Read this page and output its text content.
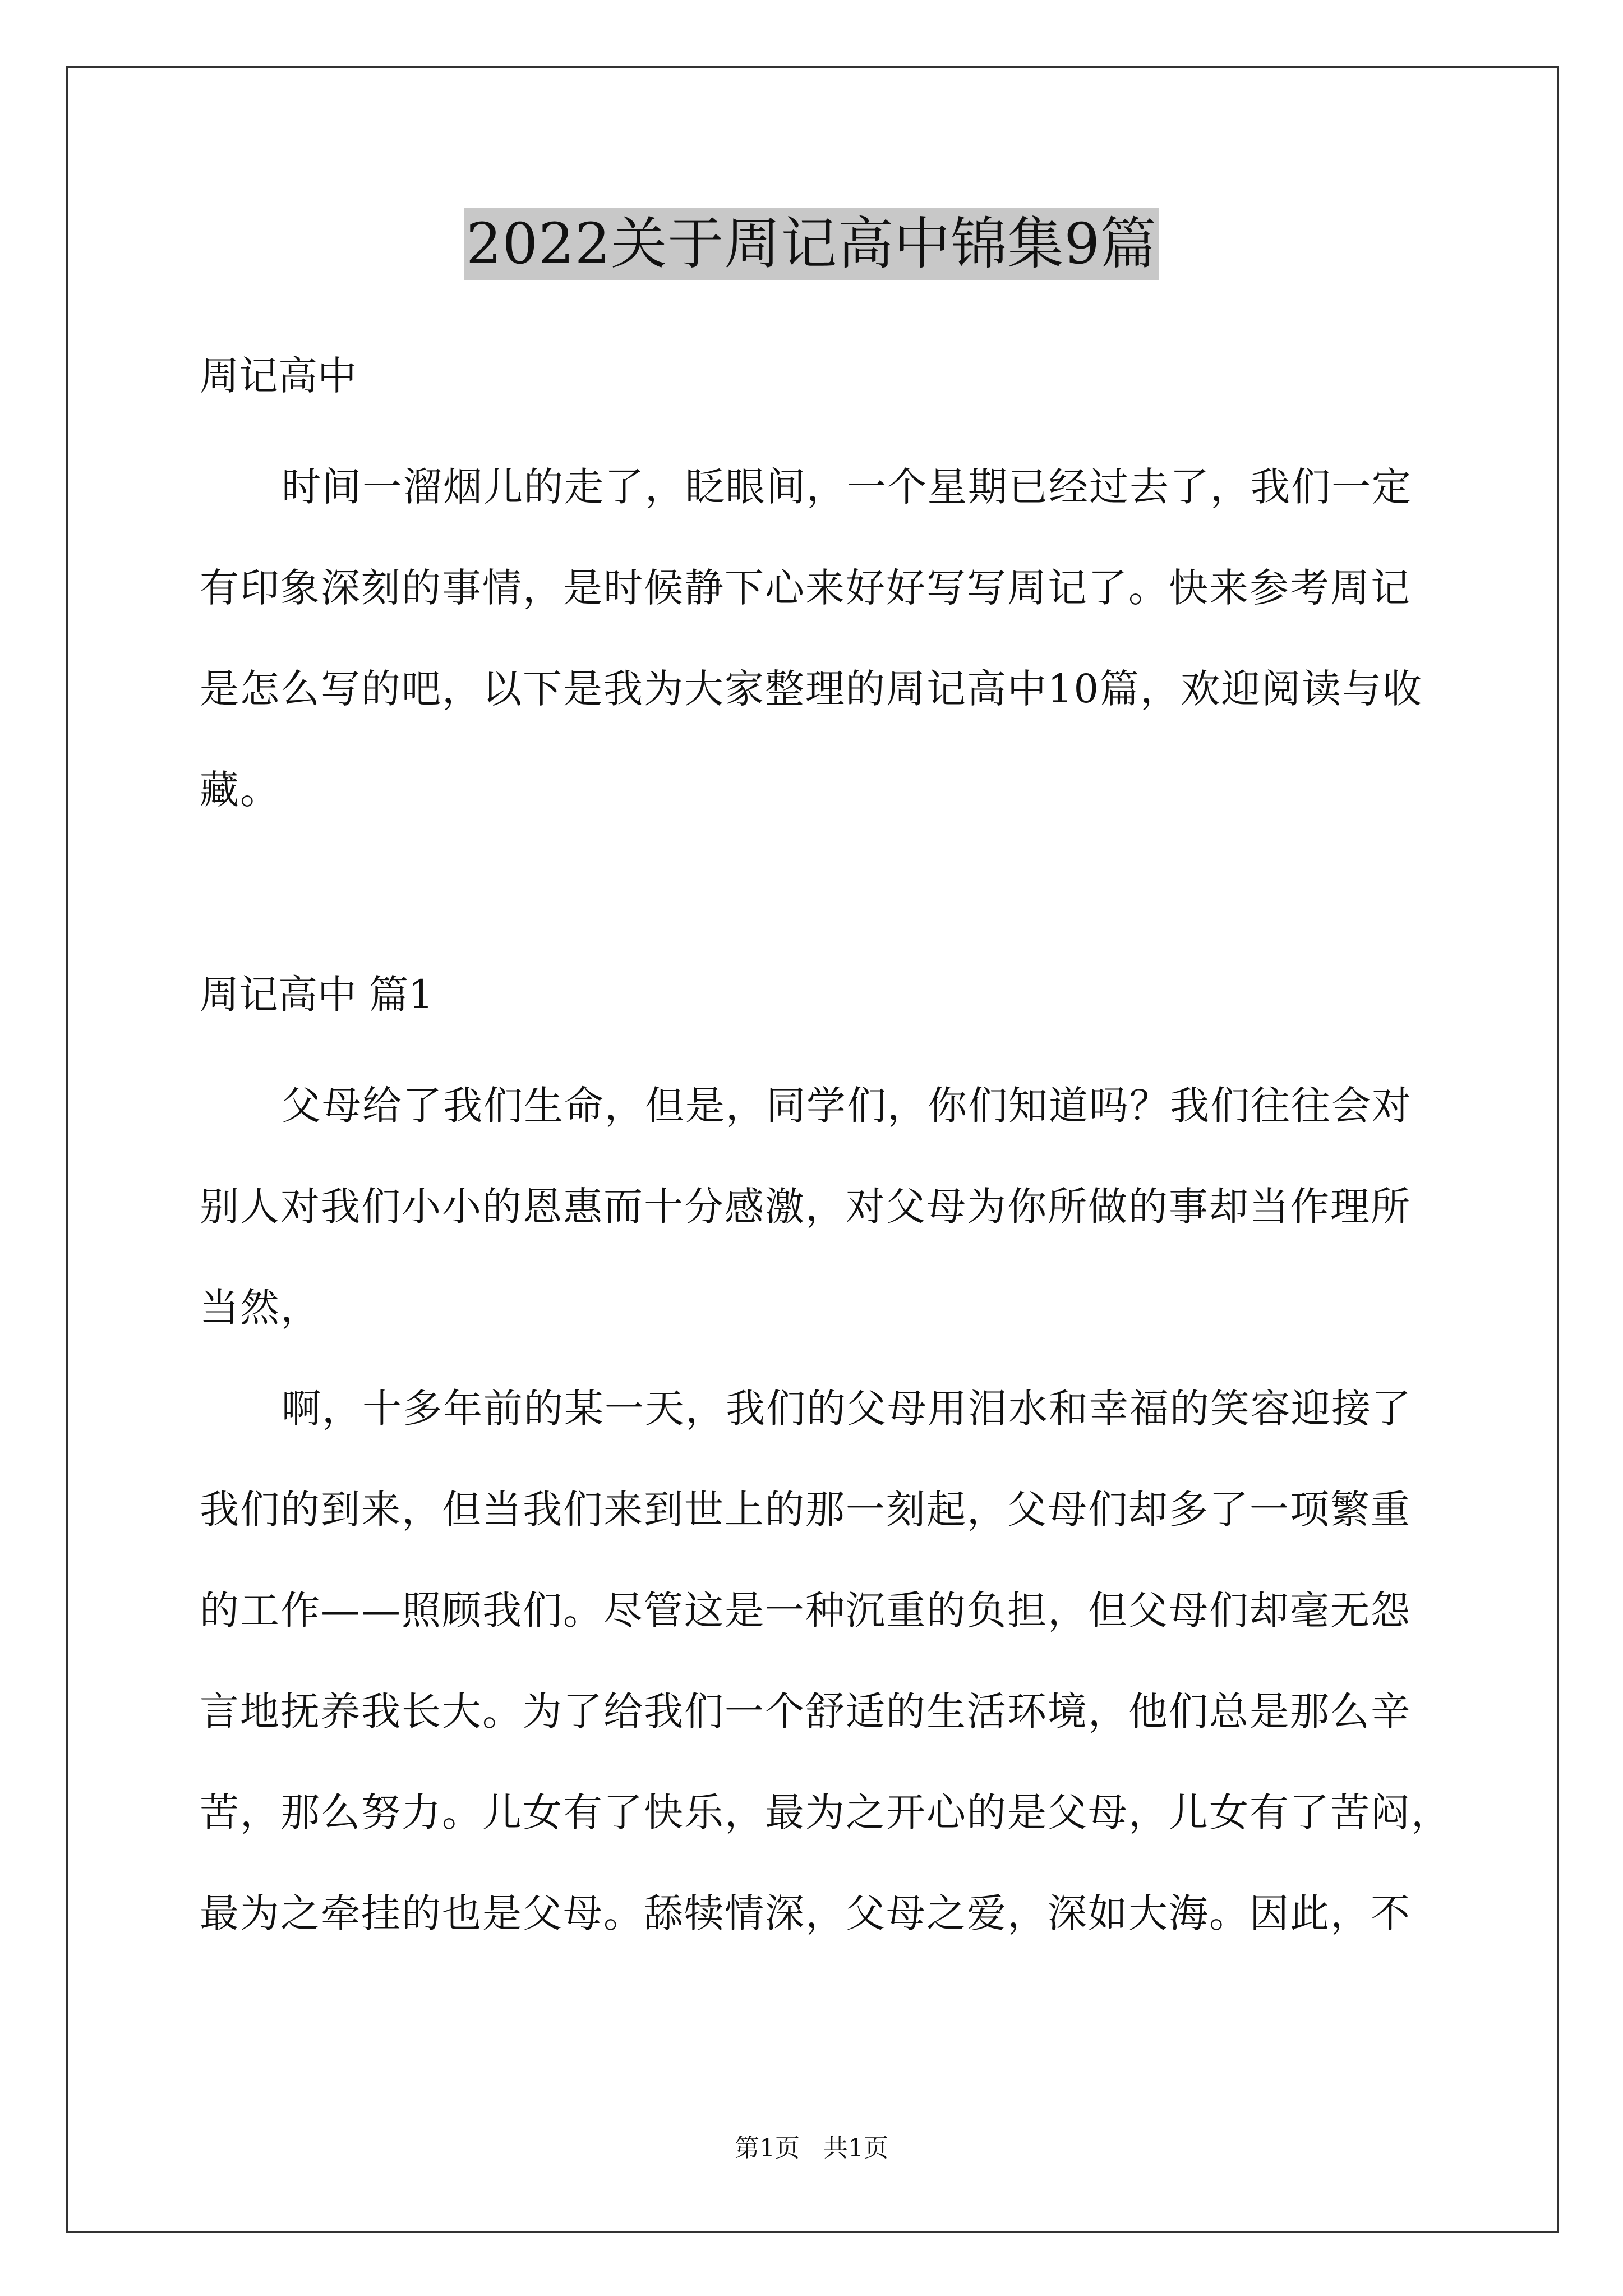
2022关于周记高中锦集9篇
周记高中
时间一溜烟儿的走了，眨眼间，一个星期已经过去了，我们一定
有印象深刻的事情，是时候静下心来好好写写周记了。快来参考周记
是怎么写的吧，以下是我为大家整理的周记高中10篇，欢迎阅读与收
藏。
周记高中 篇1
父母给了我们生命，但是，同学们，你们知道吗？我们往往会对
别人对我们小小的恩惠而十分感激，对父母为你所做的事却当作理所
当然，
啊，十多年前的某一天，我们的父母用泪水和幸福的笑容迎接了
我们的到来，但当我们来到世上的那一刻起，父母们却多了一项繁重
的工作——照顾我们。尽管这是一种沉重的负担，但父母们却毫无怨
言地抚养我长大。为了给我们一个舒适的生活环境，他们总是那么辛
苦，那么努力。儿女有了快乐，最为之开心的是父母，儿女有了苦闷，
最为之牵挂的也是父母。舔犊情深，父母之爱，深如大海。因此，不
第1页   共1页
